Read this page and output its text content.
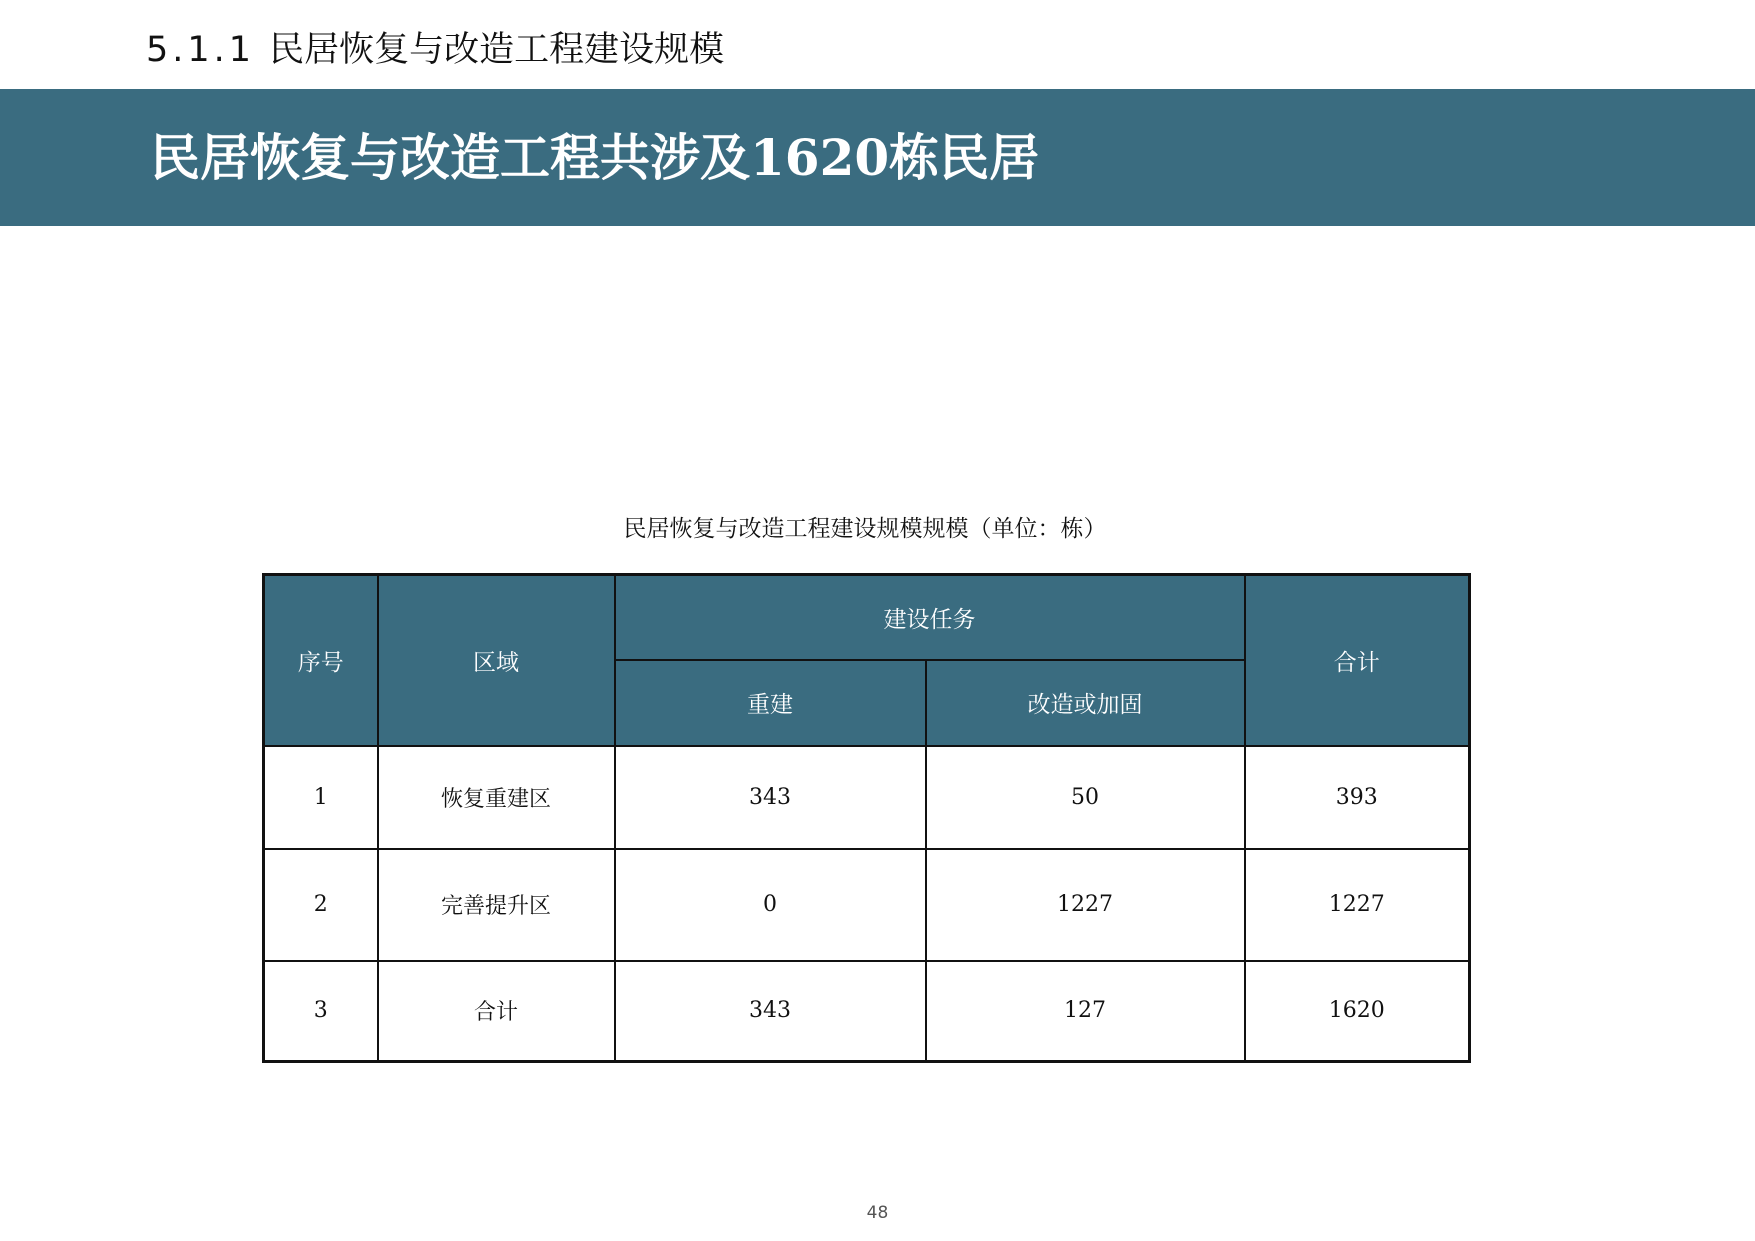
5.1.1 民居恢复与改造工程建设规模
民居恢复与改造工程共涉及1620栋民居
民居恢复与改造工程建设规模规模（单位：栋）
序号	区域	建设任务		合计
		重建	改造或加固	
1	恢复重建区	343	50	393
2	完善提升区	0	1227	1227
3	合计	343	127	1620
48
